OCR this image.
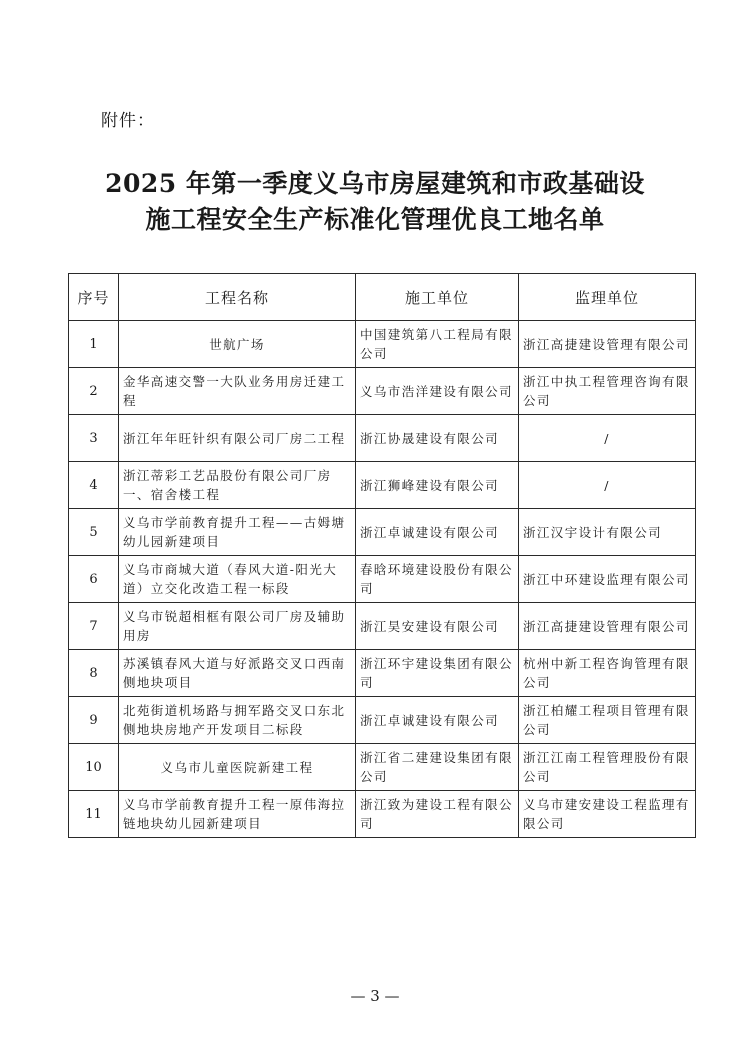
附件：
2025 年第一季度义乌市房屋建筑和市政基础设
施工程安全生产标准化管理优良工地名单
序号	工程名称	施工单位	监理单位
1	世航广场	中国建筑第八工程局有限公司	浙江高捷建设管理有限公司
2	金华高速交警一大队业务用房迁建工程	义乌市浩洋建设有限公司	浙江中执工程管理咨询有限公司
3	浙江年年旺针织有限公司厂房二工程	浙江协晟建设有限公司	/
4	浙江蒂彩工艺品股份有限公司厂房一、宿舍楼工程	浙江狮峰建设有限公司	/
5	义乌市学前教育提升工程——古姆塘幼儿园新建项目	浙江卓诚建设有限公司	浙江汉宇设计有限公司
6	义乌市商城大道（春风大道-阳光大道）立交化改造工程一标段	春晗环境建设股份有限公司	浙江中环建设监理有限公司
7	义乌市锐超相框有限公司厂房及辅助用房	浙江昊安建设有限公司	浙江高捷建设管理有限公司
8	苏溪镇春风大道与好派路交叉口西南侧地块项目	浙江环宇建设集团有限公司	杭州中新工程咨询管理有限公司
9	北苑街道机场路与拥军路交叉口东北侧地块房地产开发项目二标段	浙江卓诚建设有限公司	浙江柏耀工程项目管理有限公司
10	义乌市儿童医院新建工程	浙江省二建建设集团有限公司	浙江江南工程管理股份有限公司
11	义乌市学前教育提升工程一原伟海拉链地块幼儿园新建项目	浙江致为建设工程有限公司	义乌市建安建设工程监理有限公司
— 3 —
